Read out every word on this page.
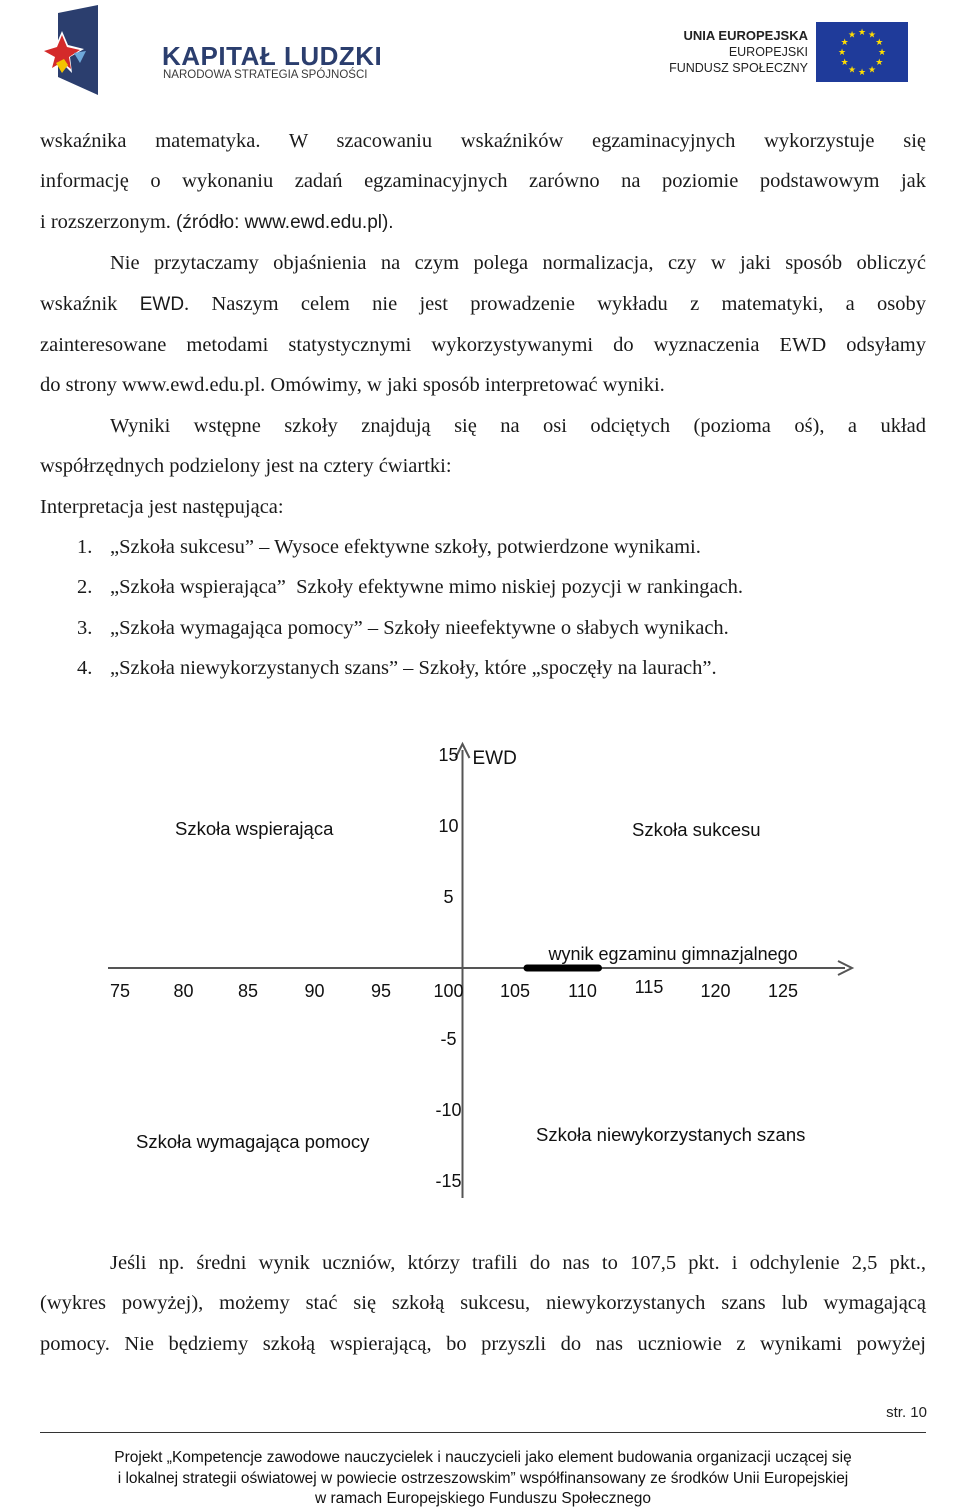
KAPITAŁ LUDZKI
NARODOWA STRATEGIA SPÓJNOŚCI
UNIA EUROPEJSKA
EUROPEJSKI
FUNDUSZ SPOŁECZNY
★
★
★
★
★
★
★
★
★ ★ ★
★

wskaźnika matematyka. W szacowaniu wskaźników egzaminacyjnych wykorzystuje się

informację o wykonaniu zadań egzaminacyjnych zarówno na poziomie podstawowym jak

i rozszerzonym. (źródło: www.ewd.edu.pl).

Nie przytaczamy objaśnienia na czym polega normalizacja, czy w jaki sposób obliczyć

wskaźnik EWD. Naszym celem nie jest prowadzenie wykładu z matematyki, a osoby

zainteresowane metodami statystycznymi wykorzystywanymi do wyznaczenia EWD odsyłamy

do strony www.ewd.edu.pl. Omówimy, w jaki sposób interpretować wyniki.

Wyniki wstępne szkoły znajdują się na osi odciętych (pozioma oś), a układ

współrzędnych podzielony jest na cztery ćwiartki:

Interpretacja jest następująca:

1. „Szkoła sukcesu” – Wysoce efektywne szkoły, potwierdzone wynikami.

2. „Szkoła wspierająca” Szkoły efektywne mimo niskiej pozycji w rankingach.

3. „Szkoła wymagająca pomocy” – Szkoły nieefektywne o słabych wynikach.

4. „Szkoła niewykorzystanych szans” – Szkoły, które „spoczęły na laurach”.

75 80 85	90	95 100 105 110 115 120 125
15
10
5
-5
-10
-15
EWD
wynik egzaminu gimnazjalnego
Szkoła wspierająca	Szkoła sukcesu
Szkoła wymagająca pomocy	Szkoła niewykorzystanych szans

Jeśli np. średni wynik uczniów, którzy trafili do nas to 107,5 pkt. i odchylenie 2,5 pkt.,

(wykres powyżej), możemy stać się szkołą sukcesu, niewykorzystanych szans lub wymagającą

pomocy. Nie będziemy szkołą wspierającą, bo przyszli do nas uczniowie z wynikami powyżej

str. 10
Projekt „Kompetencje zawodowe nauczycielek i nauczycieli jako element budowania organizacji uczącej się
i lokalnej strategii oświatowej w powiecie ostrzeszowskim” współfinansowany ze środków Unii Europejskiej
w ramach Europejskiego Funduszu Społecznego
